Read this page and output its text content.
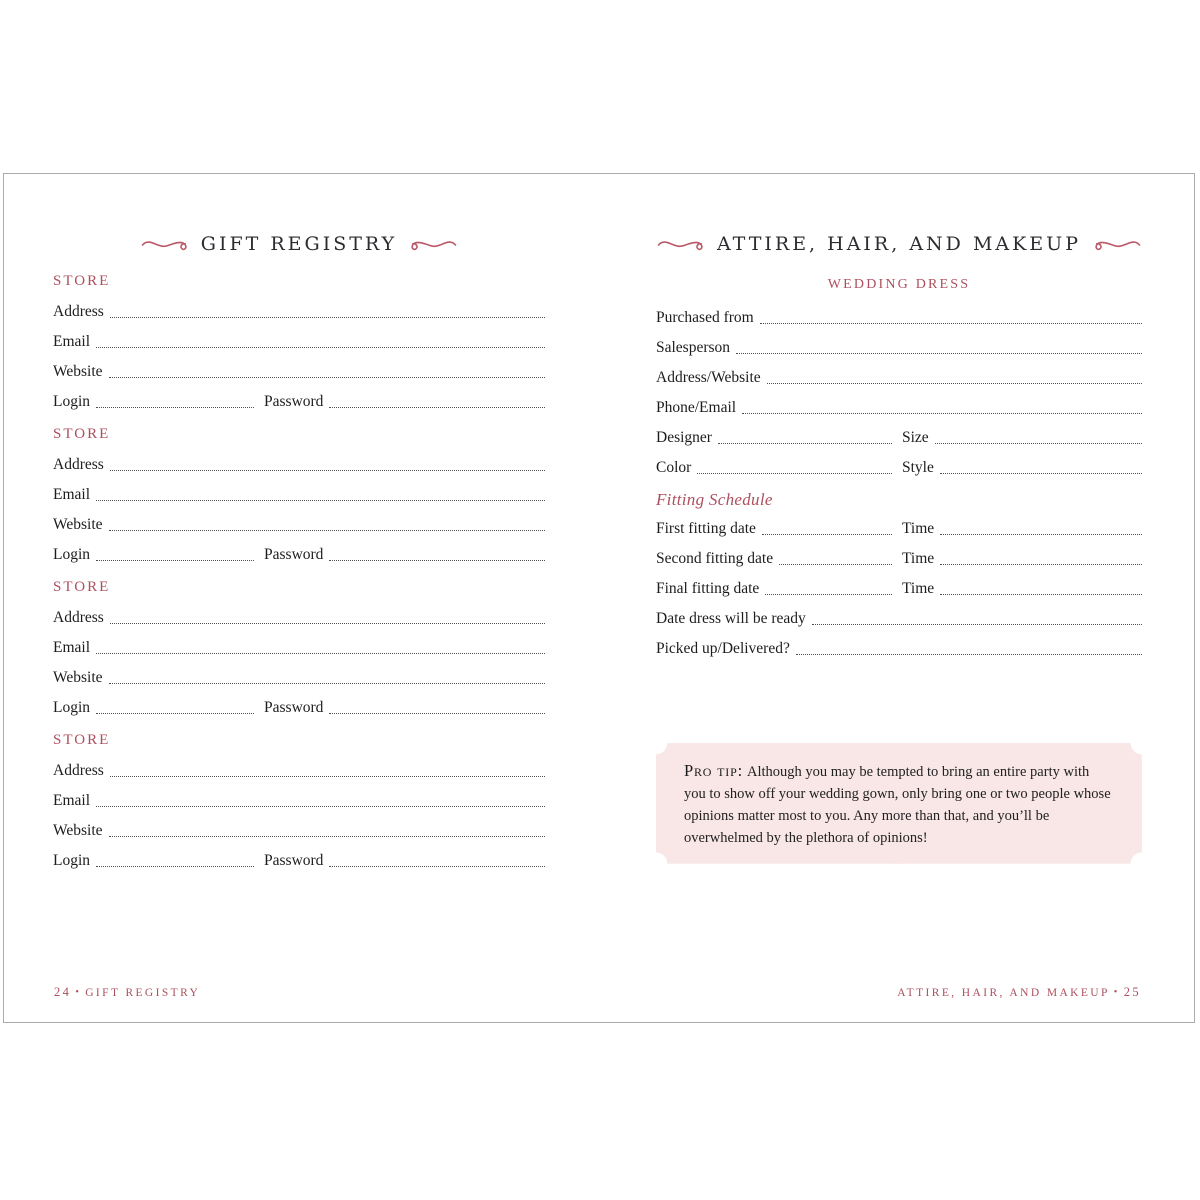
GIFT REGISTRY
STORE
Address
Email
Website
Login	Password
STORE
Address
Email
Website
Login	Password
STORE
Address
Email
Website
Login	Password
STORE
Address
Email
Website
Login	Password
24 • GIFT REGISTRY
ATTIRE, HAIR, AND MAKEUP
WEDDING DRESS
Purchased from
Salesperson
Address/Website
Phone/Email
Designer	Size
Color	Style
Fitting Schedule
First fitting date	Time
Second fitting date	Time
Final fitting date	Time
Date dress will be ready
Picked up/Delivered?
Pro tip: Although you may be tempted to bring an entire party with you to show off your wedding gown, only bring one or two people whose opinions matter most to you. Any more than that, and you’ll be overwhelmed by the plethora of opinions!
ATTIRE, HAIR, AND MAKEUP • 25
